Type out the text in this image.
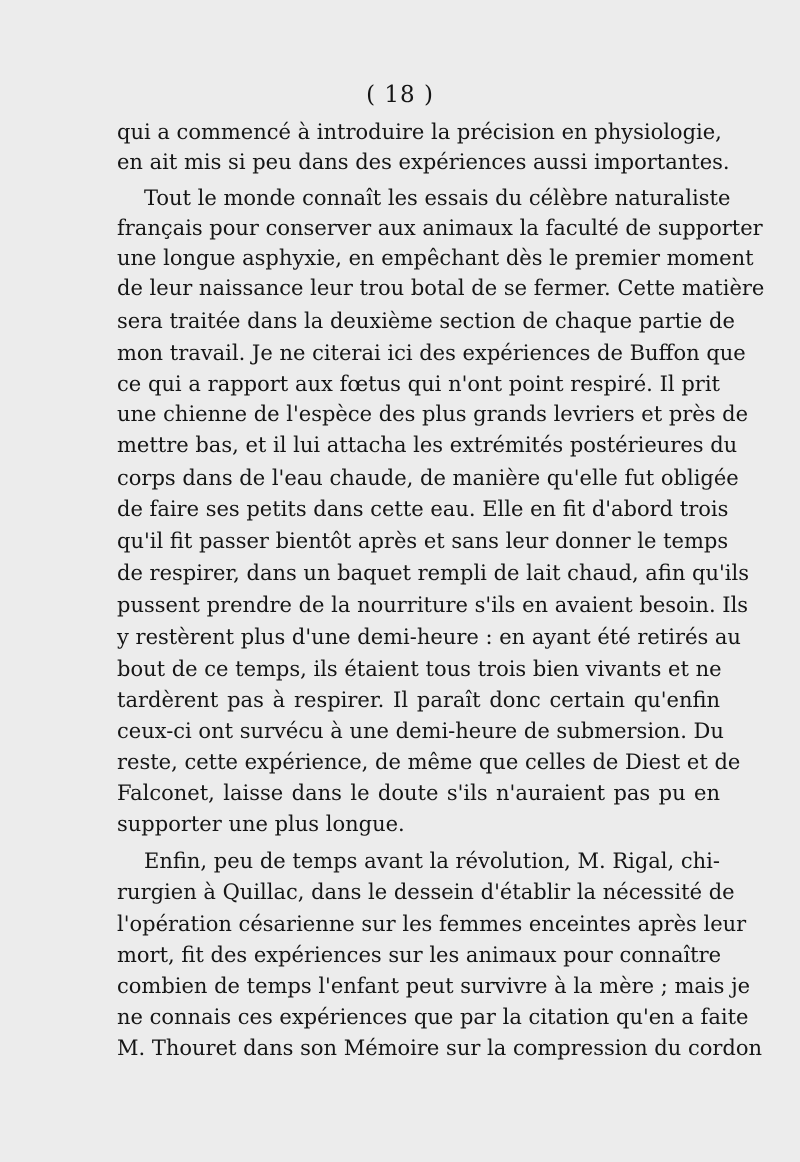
( 18 )
qui a commencé à introduire la précision en physiologie,
en ait mis si peu dans des expériences aussi importantes.
Tout le monde connaît les essais du célèbre naturaliste
français pour conserver aux animaux la faculté de supporter
une longue asphyxie, en empêchant dès le premier moment
de leur naissance leur trou botal de se fermer. Cette matière
sera traitée dans la deuxième section de chaque partie de
mon travail. Je ne citerai ici des expériences de Buffon que
ce qui a rapport aux fœtus qui n'ont point respiré. Il prit
une chienne de l'espèce des plus grands levriers et près de
mettre bas, et il lui attacha les extrémités postérieures du
corps dans de l'eau chaude, de manière qu'elle fut obligée
de faire ses petits dans cette eau. Elle en fit d'abord trois
qu'il fit passer bientôt après et sans leur donner le temps
de respirer, dans un baquet rempli de lait chaud, afin qu'ils
pussent prendre de la nourriture s'ils en avaient besoin. Ils
y restèrent plus d'une demi-heure : en ayant été retirés au
bout de ce temps, ils étaient tous trois bien vivants et ne
tardèrent pas à respirer. Il paraît donc certain qu'enfin
ceux-ci ont survécu à une demi-heure de submersion. Du
reste, cette expérience, de même que celles de Diest et de
Falconet, laisse dans le doute s'ils n'auraient pas pu en
supporter une plus longue.
Enfin, peu de temps avant la révolution, M. Rigal, chi-
rurgien à Quillac, dans le dessein d'établir la nécessité de
l'opération césarienne sur les femmes enceintes après leur
mort, fit des expériences sur les animaux pour connaître
combien de temps l'enfant peut survivre à la mère ; mais je
ne connais ces expériences que par la citation qu'en a faite
M. Thouret dans son Mémoire sur la compression du cordon
